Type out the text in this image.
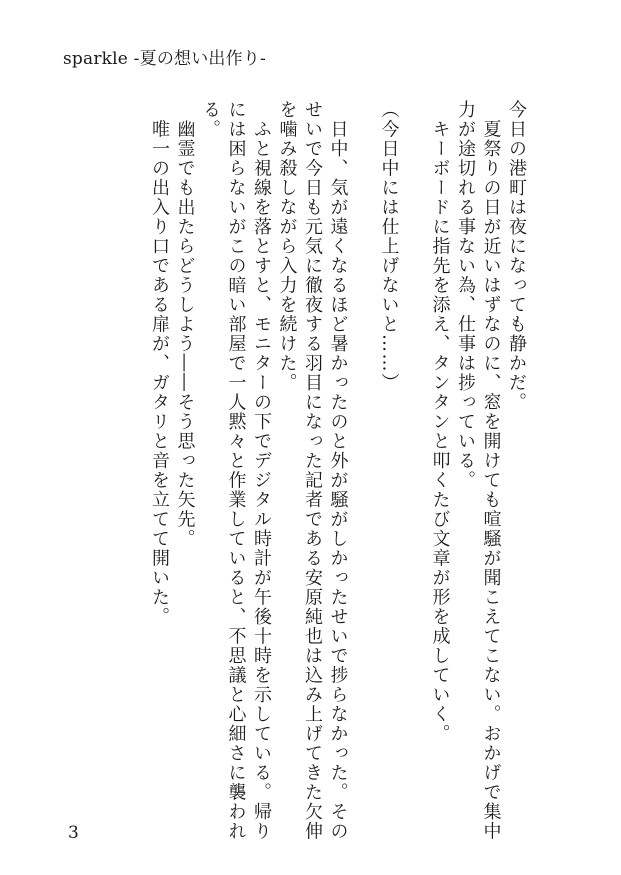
sparkle -夏の想い出作り-
今日の港町は夜になっても静かだ。
　夏祭りの日が近いはずなのに、窓を開けても喧騒が聞こえてこない。おかげで集中
力が途切れる事ない為、仕事は捗っている。
　キーボードに指先を添え、タンタンと叩くたび文章が形を成していく。
（今日中には仕上げないと……）
　日中、気が遠くなるほど暑かったのと外が騒がしかったせいで捗らなかった。その
せいで今日も元気に徹夜する羽目になった記者である安原純也は込み上げてきた欠伸
を噛み殺しながら入力を続けた。
　ふと視線を落とすと、モニターの下でデジタル時計が午後十時を示している。帰り
には困らないがこの暗い部屋で一人黙々と作業していると、不思議と心細さに襲われ
る。
　幽霊でも出たらどうしよう――そう思った矢先。
　唯一の出入り口である扉が、ガタリと音を立てて開いた。
3
